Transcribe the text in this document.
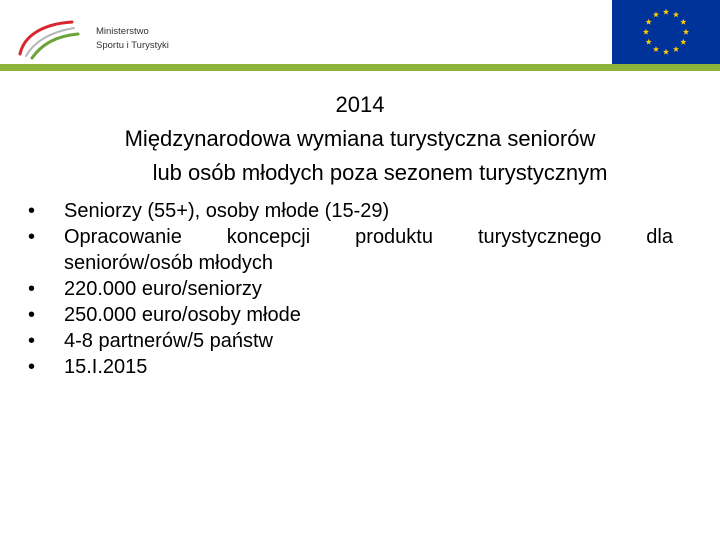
Ministerstwo
Sportu i Turystyki
2014
Międzynarodowa wymiana turystyczna seniorów
lub osób młodych poza sezonem turystycznym
• Seniorzy (55+), osoby młode (15-29)
• Opracowanie koncepcji produktu turystycznego dla
seniorów/osób młodych
• 220.000 euro/seniorzy
• 250.000 euro/osoby młode
• 4-8 partnerów/5 państw
• 15.I.2015
